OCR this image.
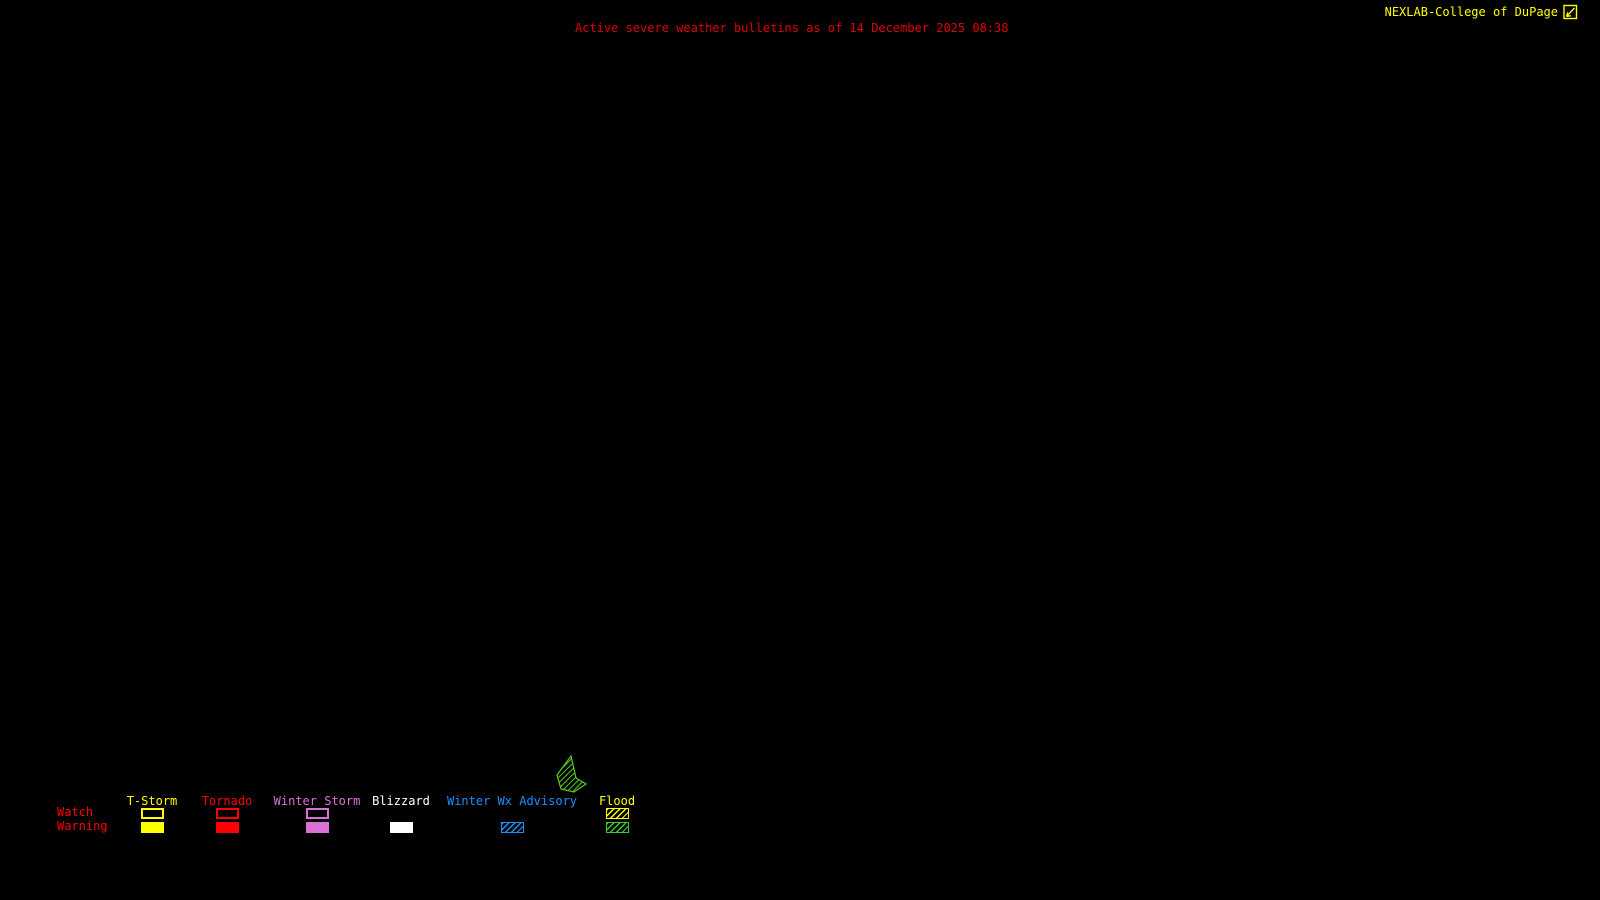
Active severe weather bulletins as of 14 December 2025 08:38
NEXLAB-College of DuPage
Watch
Warning
T-Storm	Tornado	Winter Storm Blizzard	Winter Wx Advisory	Flood
